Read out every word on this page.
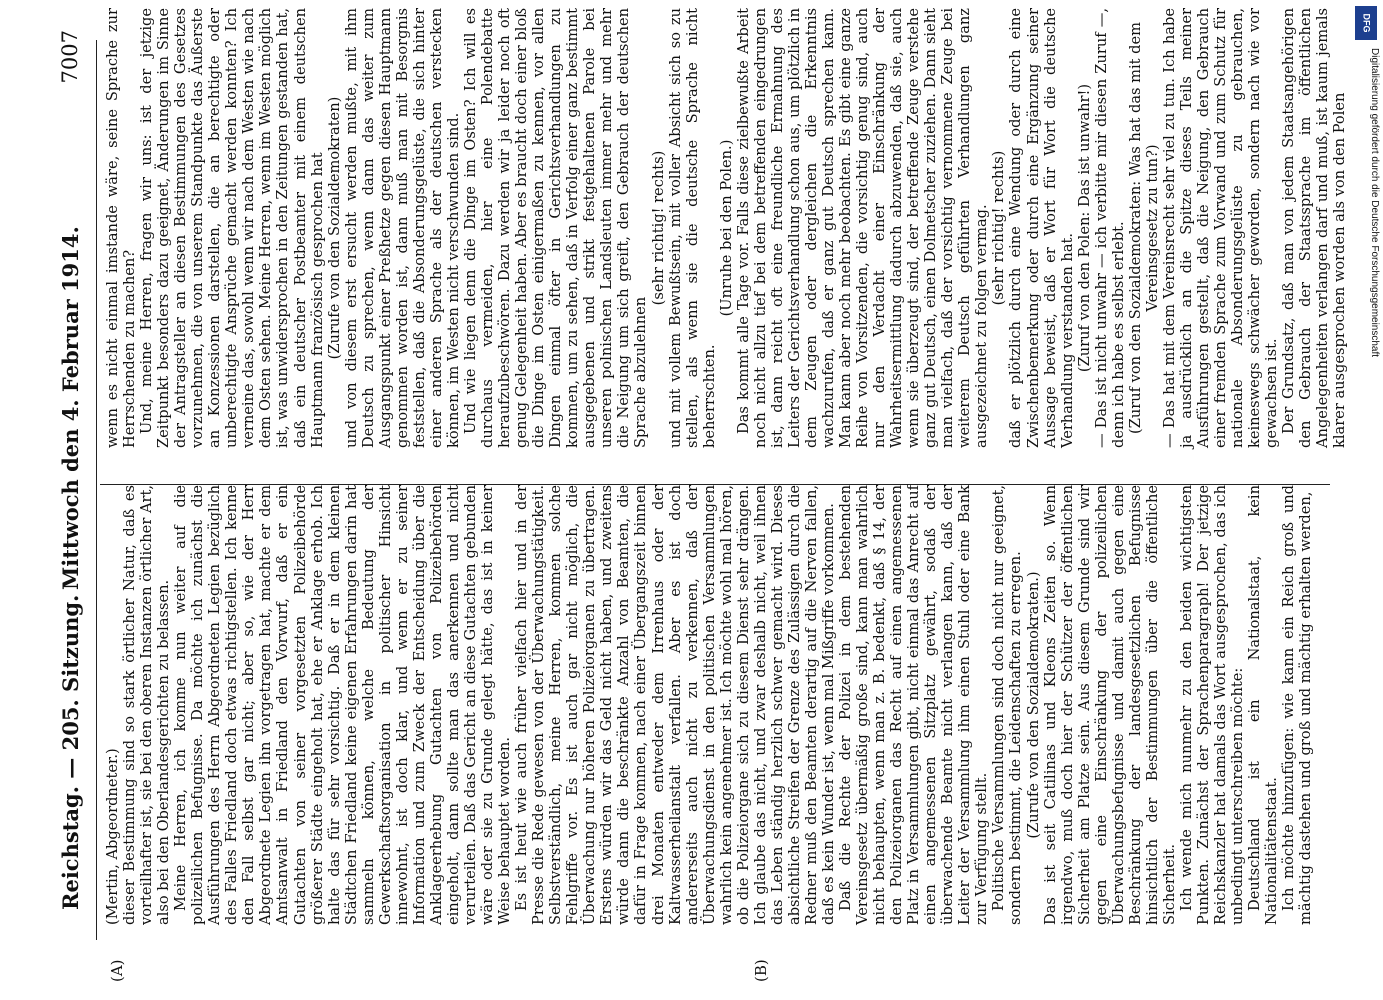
Reichstag. — 205. Sitzung.
Mittwoch den 4. Februar 1914.
7007
(A)	(B)

(Mertin, Abgeordneter.) dieser Bestimmung sind so stark örtlicher Natur, daß es vorteilhafter ist, sie bei den oberen Instanzen örtlicher Art, also bei den Oberlandesgerichten zu belassen. Meine Herren, ich komme nun weiter auf die polizeilichen Befugnisse. Da möchte ich zunächst die Ausführungen des Herrn Abgeordneten Legien bezüglich des Falles Friedland doch etwas richtigstellen. Ich kenne den Fall selbst gar nicht; aber so, wie der Herr Abgeordnete Legien ihn vorgetragen hat, machte er dem Amtsanwalt in Friedland den Vorwurf, daß er ein Gutachten von seiner vorgesetzten Polizeibehörde größerer Städte eingeholt hat, ehe er Anklage erhob. Ich halte das für sehr vorsichtig. Daß er in dem kleinen Städtchen Friedland keine eigenen Erfahrungen darin hat sammeln können, welche Bedeutung der Gewerkschaftsorganisation in politischer Hinsicht innewohnt, ist doch klar, und wenn er zu seiner Information und zum Zweck der Entscheidung über die Anklageerhebung Gutachten von Polizeibehörden eingeholt, dann sollte man das anerkennen und nicht verurteilen. Daß das Gericht an diese Gutachten gebunden wäre oder sie zu Grunde gelegt hätte, das ist in keiner Weise behauptet worden. Es ist heut wie auch früher vielfach hier und in der Presse die Rede gewesen von der Überwachungstätigkeit. Selbstverständlich, meine Herren, kommen solche Fehlgriffe vor. Es ist auch gar nicht möglich, die Überwachung nur höheren Polizeiorganen zu übertragen. Erstens würden wir das Geld nicht haben, und zweitens würde dann die beschränkte Anzahl von Beamten, die dafür in Frage kommen, nach einer Übergangszeit binnen drei Monaten entweder dem Irrenhaus oder der Kaltwasserheilanstalt verfallen. Aber es ist doch andererseits auch nicht zu verkennen, daß der Überwachungsdienst in den politischen Versammlungen wahrlich kein angenehmer ist. Ich möchte wohl mal hören, ob die Polizeiorgane sich zu diesem Dienst sehr drängen. Ich glaube das nicht, und zwar deshalb nicht, weil ihnen das Leben ständig herzlich schwer gemacht wird. Dieses absichtliche Streifen der Grenze des Zulässigen durch die Redner muß den Beamten derartig auf die Nerven fallen, daß es kein Wunder ist, wenn mal Mißgriffe vorkommen. Daß die Rechte der Polizei in dem bestehenden Vereinsgesetz übermäßig große sind, kann man wahrlich nicht behaupten, wenn man z. B. bedenkt, daß § 14, der den Polizeiorganen das Recht auf einen angemessenen Platz in Versammlungen gibt, nicht einmal das Anrecht auf einen angemessenen Sitzplatz gewährt, sodaß der überwachende Beamte nicht verlangen kann, daß der Leiter der Versammlung ihm einen Stuhl oder eine Bank zur Verfügung stellt. Politische Versammlungen sind doch nicht nur geeignet, sondern bestimmt, die Leidenschaften zu erregen. (Zurufe von den Sozialdemokraten.) Das ist seit Catilinas und Kleons Zeiten so. Wenn irgendwo, muß doch hier der Schützer der öffentlichen Sicherheit am Platze sein. Aus diesem Grunde sind wir gegen eine Einschränkung der polizeilichen Überwachungsbefugnisse und damit auch gegen eine Beschränkung der landesgesetzlichen Befugnisse hinsichtlich der Bestimmungen über die öffentliche Sicherheit. Ich wende mich nunmehr zu den beiden wichtigsten Punkten. Zunächst der Sprachenparagraph! Der jetzige Reichskanzler hat damals das Wort ausgesprochen, das ich unbedingt unterschreiben möchte: Deutschland ist ein Nationalstaat, kein Nationalitätenstaat. Ich möchte hinzufügen: wie kann ein Reich groß und mächtig dastehen und groß und mächtig erhalten werden,

wenn es nicht einmal imstande wäre, seine Sprache zur Herrschenden zu machen? Und, meine Herren, fragen wir uns: ist der jetzige Zeitpunkt besonders dazu geeignet, Änderungen im Sinne der Antragsteller an diesen Bestimmungen des Gesetzes vorzunehmen, die von unserem Standpunkte das Äußerste an Konzessionen darstellen, die an berechtigte oder unberechtigte Ansprüche gemacht werden konnten? Ich verneine das, sowohl wenn wir nach dem Westen wie nach dem Osten sehen. Meine Herren, wenn im Westen möglich ist, was unwidersprochen in den Zeitungen gestanden hat, daß ein deutscher Postbeamter mit einem deutschen Hauptmann französisch gesprochen hat (Zurufe von den Sozialdemokraten) und von diesem erst ersucht werden mußte, mit ihm Deutsch zu sprechen, wenn dann das weiter zum Ausgangspunkt einer Preßhetze gegen diesen Hauptmann genommen worden ist, dann muß man mit Besorgnis feststellen, daß die Absonderungsgelüste, die sich hinter einer anderen Sprache als der deutschen verstecken können, im Westen nicht verschwunden sind. Und wie liegen denn die Dinge im Osten? Ich will es durchaus vermeiden, hier eine Polendebatte heraufzubeschwören. Dazu werden wir ja leider noch oft genug Gelegenheit haben. Aber es braucht doch einer bloß die Dinge im Osten einigermaßen zu kennen, vor allen Dingen einmal öfter in Gerichtsverhandlungen zu kommen, um zu sehen, daß in Verfolg einer ganz bestimmt ausgegebenen und strikt festgehaltenen Parole bei unseren polnischen Landsleuten immer mehr und mehr die Neigung um sich greift, den Gebrauch der deutschen Sprache abzulehnen

(sehr richtig! rechts) und mit vollem Bewußtsein, mit voller Absicht sich so zu stellen, als wenn sie die deutsche Sprache nicht beherrschten.

(Unruhe bei den Polen.) Das kommt alle Tage vor. Falls diese zielbewußte Arbeit noch nicht allzu tief bei dem betreffenden eingedrungen ist, dann reicht oft eine freundliche Ermahnung des Leiters der Gerichtsverhandlung schon aus, um plötzlich in dem Zeugen oder dergleichen die Erkenntnis wachzurufen, daß er ganz gut Deutsch sprechen kann. Man kann aber noch mehr beobachten. Es gibt eine ganze Reihe von Vorsitzenden, die vorsichtig genug sind, auch nur den Verdacht einer Einschränkung der Wahrheitsermittlung dadurch abzuwenden, daß sie, auch wenn sie überzeugt sind, der betreffende Zeuge verstehe ganz gut Deutsch, einen Dolmetscher zuziehen. Dann sieht man vielfach, daß der vorsichtig vernommene Zeuge bei weiterem Deutsch geführten Verhandlungen ganz ausgezeichnet zu folgen vermag. (sehr richtig! rechts) daß er plötzlich durch eine Wendung oder durch eine Zwischenbemerkung oder durch eine Ergänzung seiner Aussage beweist, daß er Wort für Wort die deutsche Verhandlung verstanden hat. (Zuruf von den Polen: Das ist unwahr!) — Das ist nicht unwahr — ich verbitte mir diesen Zuruf —, denn ich habe es selbst erlebt. (Zuruf von den Sozialdemokraten: Was hat das mit dem Vereinsgesetz zu tun?) — Das hat mit dem Vereinsrecht sehr viel zu tun. Ich habe ja ausdrücklich an die Spitze dieses Teils meiner Ausführungen gestellt, daß die Neigung, den Gebrauch einer fremden Sprache zum Vorwand und zum Schutz für nationale Absonderungsgelüste zu gebrauchen, keineswegs schwächer geworden, sondern nach wie vor gewachsen ist. Der Grundsatz, daß man von jedem Staatsangehörigen den Gebrauch der Staatssprache im öffentlichen Angelegenheiten verlangen darf und muß, ist kaum jemals klarer ausgesprochen worden als von den Polen

DFG
Digitalisierung gefördert durch die Deutsche Forschungsgemeinschaft
